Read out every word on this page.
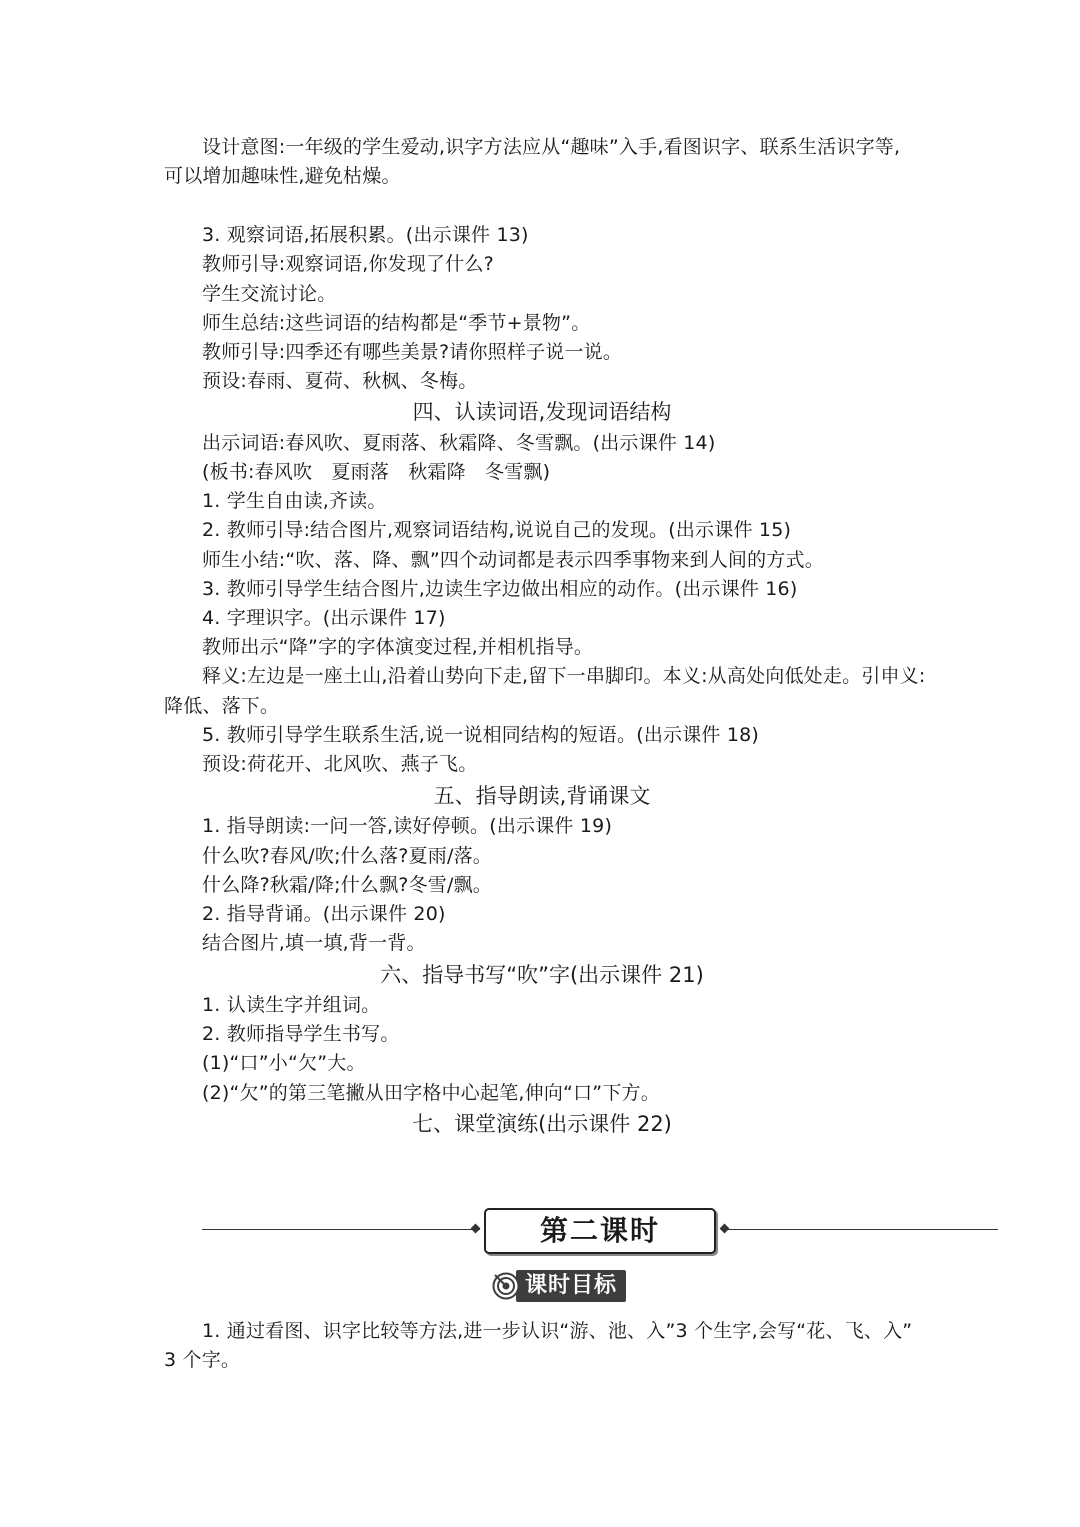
设计意图:一年级的学生爱动,识字方法应从“趣味”入手,看图识字、联系生活识字等,
可以增加趣味性,避免枯燥。
3. 观察词语,拓展积累。(出示课件 13)
教师引导:观察词语,你发现了什么?
学生交流讨论。
师生总结:这些词语的结构都是“季节+景物”。
教师引导:四季还有哪些美景?请你照样子说一说。
预设:春雨、夏荷、秋枫、冬梅。
四、认读词语,发现词语结构
出示词语:春风吹、夏雨落、秋霜降、冬雪飘。(出示课件 14)
(板书:春风吹　夏雨落　秋霜降　冬雪飘)
1. 学生自由读,齐读。
2. 教师引导:结合图片,观察词语结构,说说自己的发现。(出示课件 15)
师生小结:“吹、落、降、飘”四个动词都是表示四季事物来到人间的方式。
3. 教师引导学生结合图片,边读生字边做出相应的动作。(出示课件 16)
4. 字理识字。(出示课件 17)
教师出示“降”字的字体演变过程,并相机指导。
释义:左边是一座土山,沿着山势向下走,留下一串脚印。本义:从高处向低处走。引申义:
降低、落下。
5. 教师引导学生联系生活,说一说相同结构的短语。(出示课件 18)
预设:荷花开、北风吹、燕子飞。
五、指导朗读,背诵课文
1. 指导朗读:一问一答,读好停顿。(出示课件 19)
什么吹?春风/吹;什么落?夏雨/落。
什么降?秋霜/降;什么飘?冬雪/飘。
2. 指导背诵。(出示课件 20)
结合图片,填一填,背一背。
六、指导书写“吹”字(出示课件 21)
1. 认读生字并组词。
2. 教师指导学生书写。
(1)“口”小“欠”大。
(2)“欠”的第三笔撇从田字格中心起笔,伸向“口”下方。
七、课堂演练(出示课件 22)
第二课时
课时目标
1. 通过看图、识字比较等方法,进一步认识“游、池、入”3 个生字,会写“花、飞、入”
3 个字。
